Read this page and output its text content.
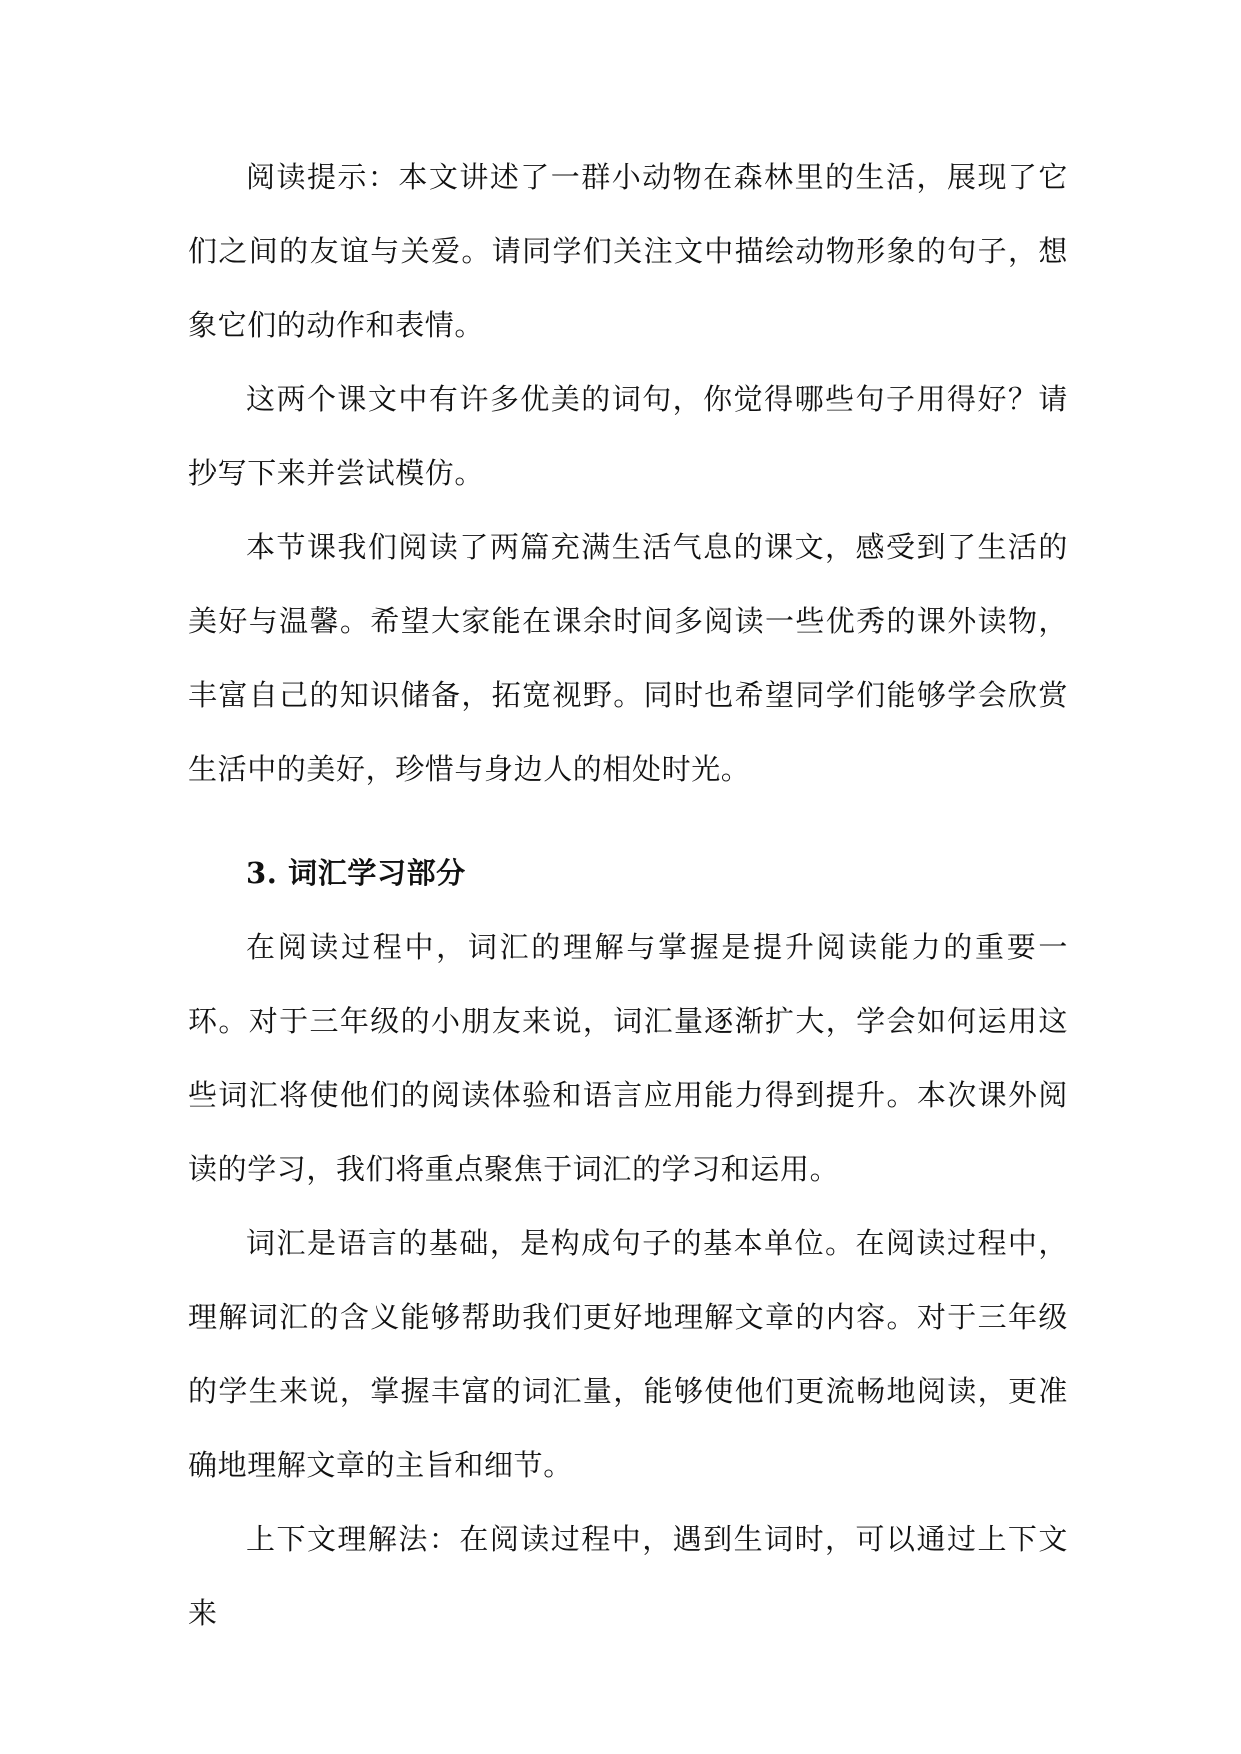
阅读提示：本文讲述了一群小动物在森林里的生活，展现了它们之间的友谊与关爱。请同学们关注文中描绘动物形象的句子，想象它们的动作和表情。

这两个课文中有许多优美的词句，你觉得哪些句子用得好？请抄写下来并尝试模仿。

本节课我们阅读了两篇充满生活气息的课文，感受到了生活的美好与温馨。希望大家能在课余时间多阅读一些优秀的课外读物，丰富自己的知识储备，拓宽视野。同时也希望同学们能够学会欣赏生活中的美好，珍惜与身边人的相处时光。

3. 词汇学习部分

在阅读过程中，词汇的理解与掌握是提升阅读能力的重要一环。对于三年级的小朋友来说，词汇量逐渐扩大，学会如何运用这些词汇将使他们的阅读体验和语言应用能力得到提升。本次课外阅读的学习，我们将重点聚焦于词汇的学习和运用。

词汇是语言的基础，是构成句子的基本单位。在阅读过程中，理解词汇的含义能够帮助我们更好地理解文章的内容。对于三年级的学生来说，掌握丰富的词汇量，能够使他们更流畅地阅读，更准确地理解文章的主旨和细节。

上下文理解法：在阅读过程中，遇到生词时，可以通过上下文来
